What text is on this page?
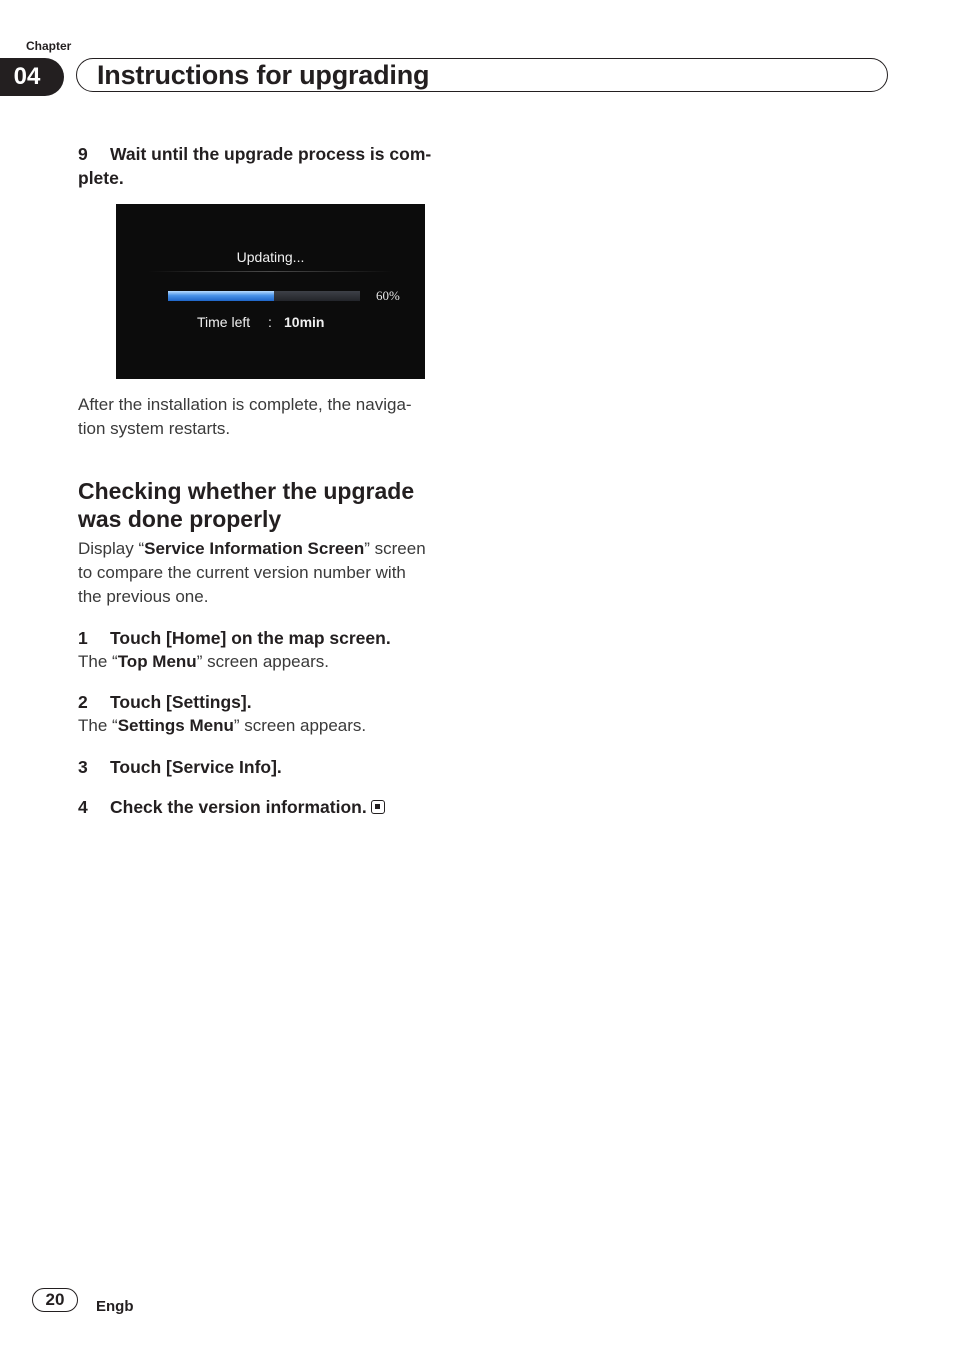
Chapter
04	Instructions for upgrading

9 Wait until the upgrade process is com-
plete.

Updating...
60%
Time left : 10min

After the installation is complete, the naviga-
tion system restarts.

Checking whether the upgrade
was done properly

Display “Service Information Screen” screen
to compare the current version number with
the previous one.

1 Touch [Home] on the map screen.

The “Top Menu” screen appears.

2 Touch [Settings].

The “Settings Menu” screen appears.

3 Touch [Service Info].

4 Check the version information.

20	Engb
